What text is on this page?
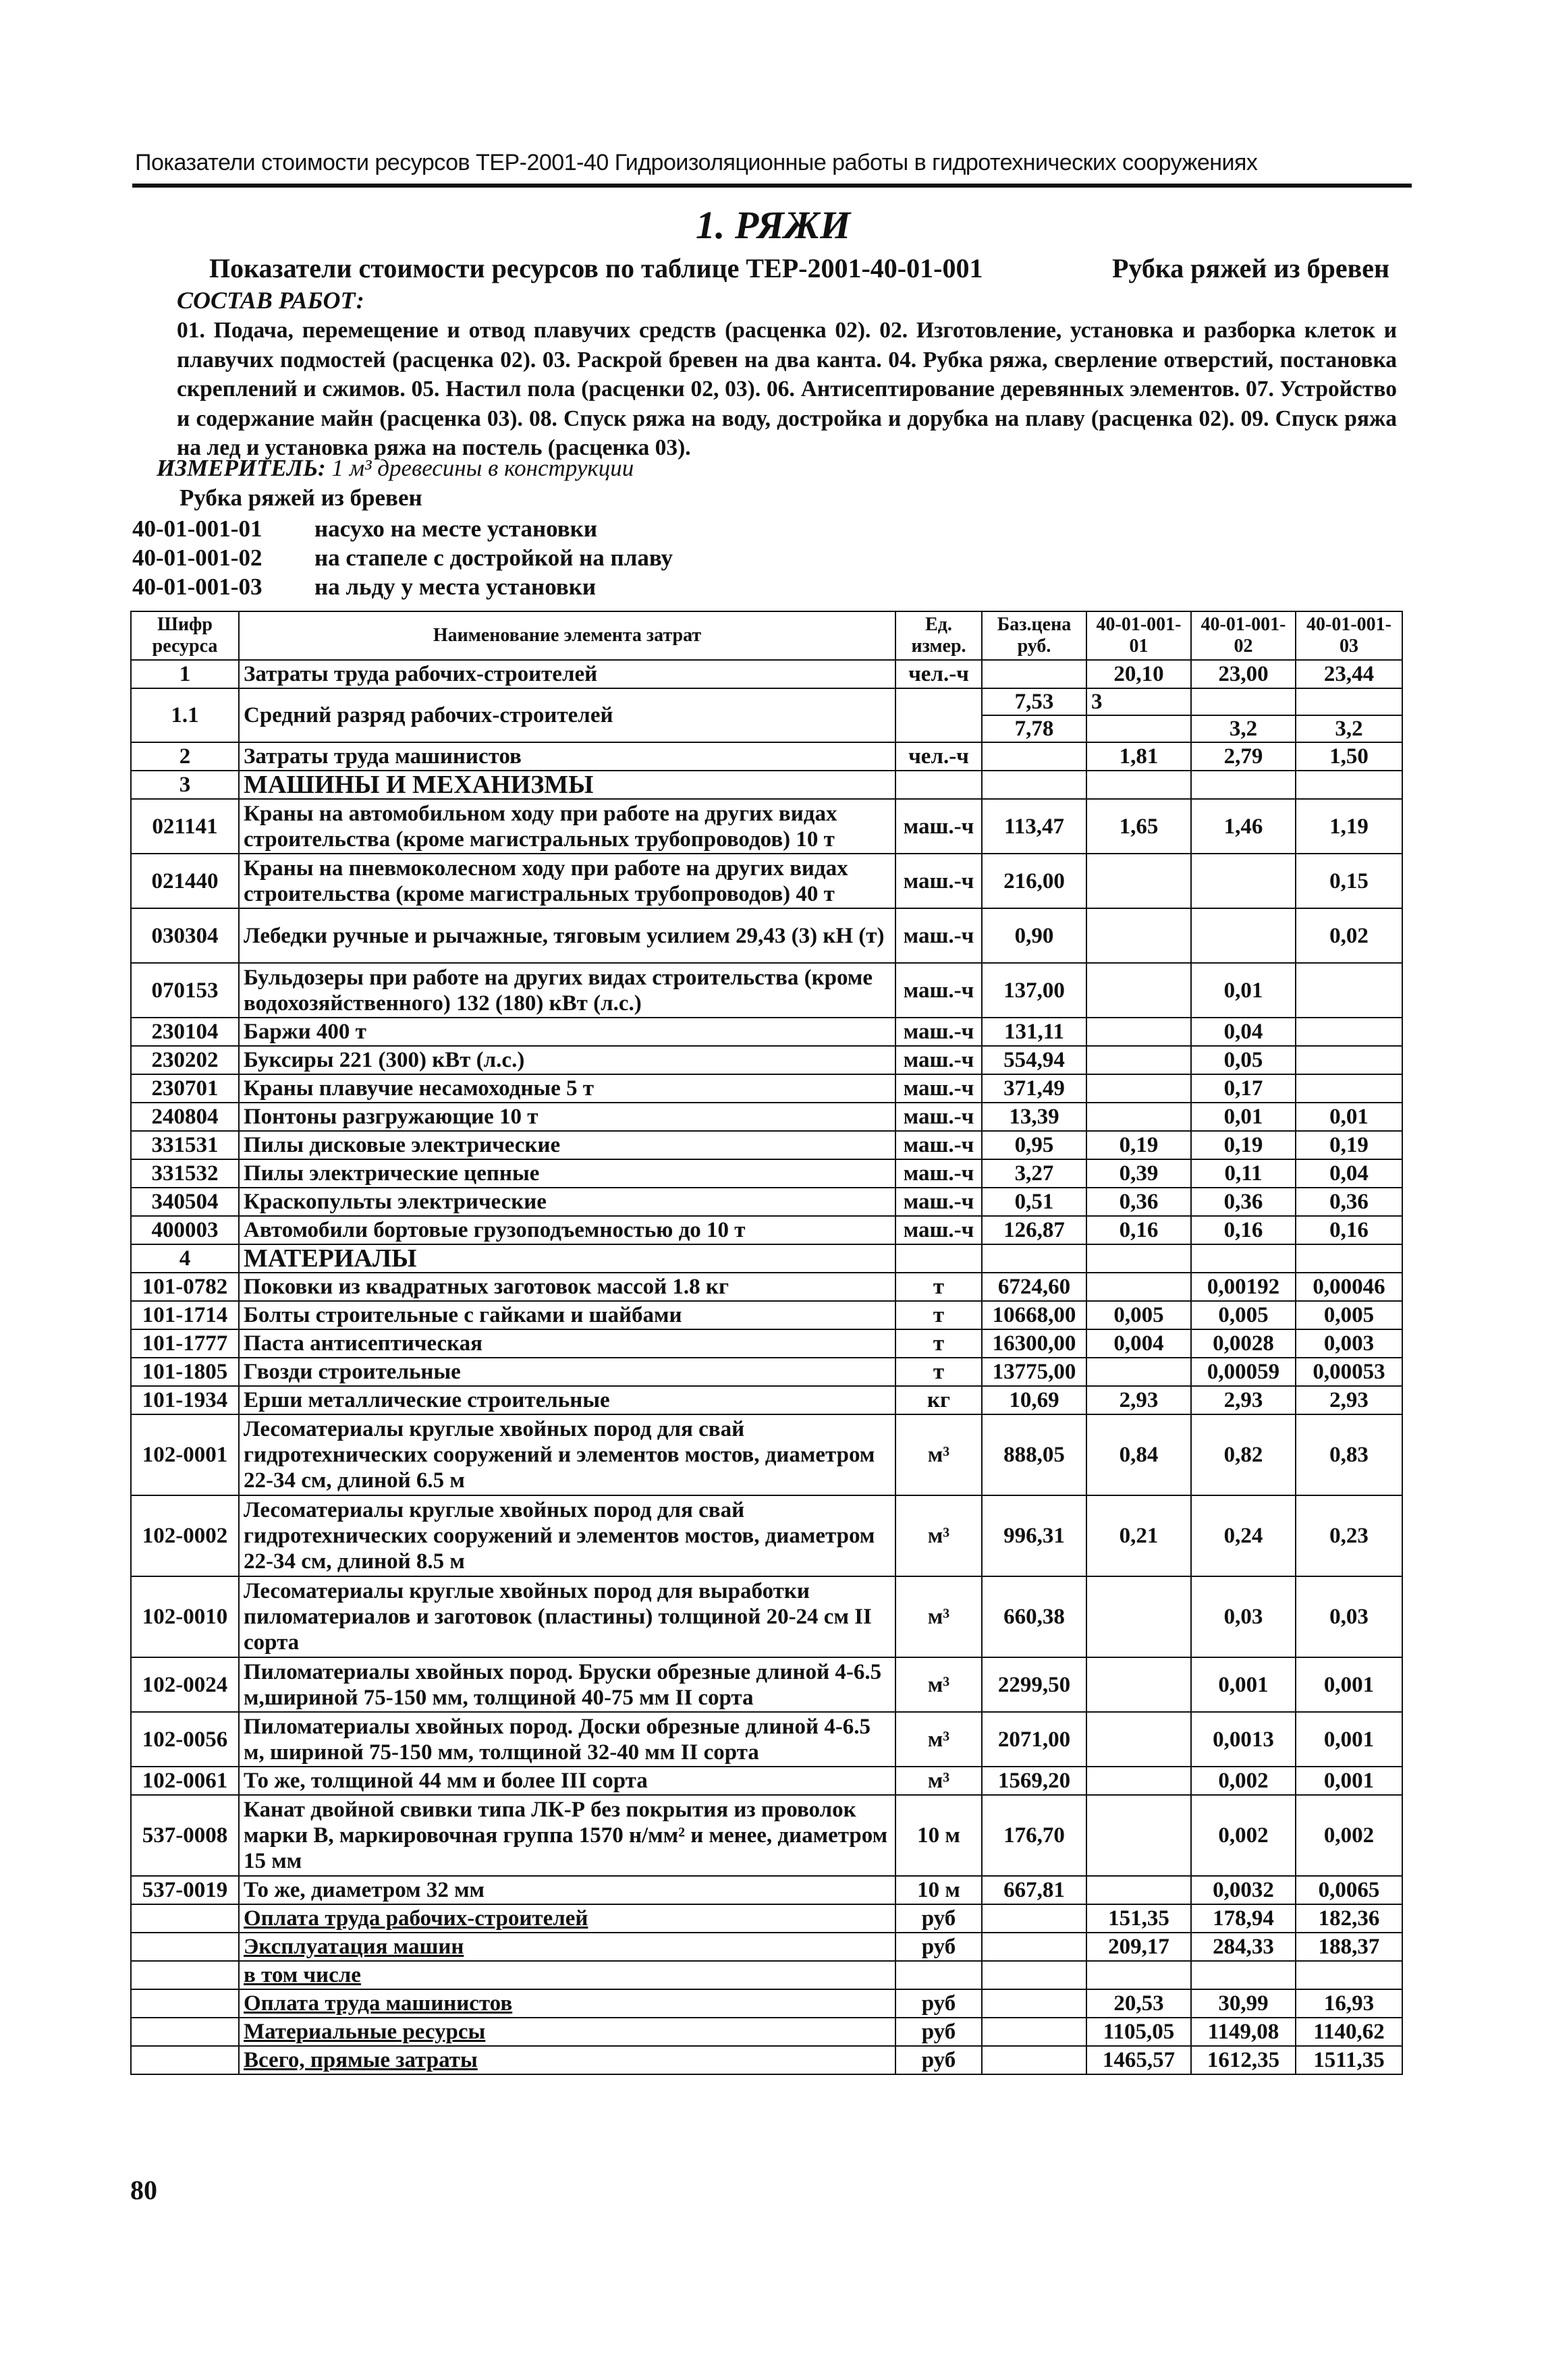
Показатели стоимости ресурсов ТЕР-2001-40 Гидроизоляционные работы в гидротехнических сооружениях
1. РЯЖИ
Показатели стоимости ресурсов по таблице ТЕР-2001-40-01-001	Рубка ряжей из бревен
СОСТАВ РАБОТ:
01. Подача, перемещение и отвод плавучих средств (расценка 02). 02. Изготовление, установка и разборка клеток и плавучих подмостей (расценка 02). 03. Раскрой бревен на два канта. 04. Рубка ряжа, сверление отверстий, постановка скреплений и сжимов. 05. Настил пола (расценки 02, 03). 06. Антисептирование деревянных элементов. 07. Устройство и содержание майн (расценка 03). 08. Спуск ряжа на воду, достройка и дорубка на плаву (расценка 02). 09. Спуск ряжа на лед и установка ряжа на постель (расценка 03).
ИЗМЕРИТЕЛЬ: 1 м³ древесины в конструкции
Рубка ряжей из бревен
40-01-001-01	насухо на месте установки
40-01-001-02	на стапеле с достройкой на плаву
40-01-001-03	на льду у места установки
Шифр ресурса	Наименование элемента затрат	Ед. измер.	Баз.цена руб.	40-01-001-01	40-01-001-02	40-01-001-03
1	Затраты труда рабочих-строителей	чел.-ч		20,10	23,00	23,44
1.1	Средний разряд рабочих-строителей		7,53	3		
			7,78		3,2	3,2
2	Затраты труда машинистов	чел.-ч		1,81	2,79	1,50
3	МАШИНЫ И МЕХАНИЗМЫ					
021141	Краны на автомобильном ходу при работе на других видах строительства (кроме магистральных трубопроводов) 10 т	маш.-ч	113,47	1,65	1,46	1,19
021440	Краны на пневмоколесном ходу при работе на других видах строительства (кроме магистральных трубопроводов) 40 т	маш.-ч	216,00			0,15
030304	Лебедки ручные и рычажные, тяговым усилием 29,43 (3) кН (т)	маш.-ч	0,90			0,02
070153	Бульдозеры при работе на других видах строительства (кроме водохозяйственного) 132 (180) кВт (л.с.)	маш.-ч	137,00		0,01	
230104	Баржи 400 т	маш.-ч	131,11		0,04	
230202	Буксиры 221 (300) кВт (л.с.)	маш.-ч	554,94		0,05	
230701	Краны плавучие несамоходные 5 т	маш.-ч	371,49		0,17	
240804	Понтоны разгружающие 10 т	маш.-ч	13,39		0,01	0,01
331531	Пилы дисковые электрические	маш.-ч	0,95	0,19	0,19	0,19
331532	Пилы электрические цепные	маш.-ч	3,27	0,39	0,11	0,04
340504	Краскопульты электрические	маш.-ч	0,51	0,36	0,36	0,36
400003	Автомобили бортовые грузоподъемностью до 10 т	маш.-ч	126,87	0,16	0,16	0,16
4	МАТЕРИАЛЫ					
101-0782	Поковки из квадратных заготовок массой 1.8 кг	т	6724,60		0,00192	0,00046
101-1714	Болты строительные с гайками и шайбами	т	10668,00	0,005	0,005	0,005
101-1777	Паста антисептическая	т	16300,00	0,004	0,0028	0,003
101-1805	Гвозди строительные	т	13775,00		0,00059	0,00053
101-1934	Ерши металлические строительные	кг	10,69	2,93	2,93	2,93
102-0001	Лесоматериалы круглые хвойных пород для свай гидротехнических сооружений и элементов мостов, диаметром 22-34 см, длиной 6.5 м	м³	888,05	0,84	0,82	0,83
102-0002	Лесоматериалы круглые хвойных пород для свай гидротехнических сооружений и элементов мостов, диаметром 22-34 см, длиной 8.5 м	м³	996,31	0,21	0,24	0,23
102-0010	Лесоматериалы круглые хвойных пород для выработки пиломатериалов и заготовок (пластины) толщиной 20-24 см II сорта	м³	660,38		0,03	0,03
102-0024	Пиломатериалы хвойных пород. Бруски обрезные длиной 4-6.5 м,шириной 75-150 мм, толщиной 40-75 мм II сорта	м³	2299,50		0,001	0,001
102-0056	Пиломатериалы хвойных пород. Доски обрезные длиной 4-6.5 м, шириной 75-150 мм, толщиной 32-40 мм II сорта	м³	2071,00		0,0013	0,001
102-0061	То же, толщиной 44 мм и более III сорта	м³	1569,20		0,002	0,001
537-0008	Канат двойной свивки типа ЛК-Р без покрытия из проволок марки В, маркировочная группа 1570 н/мм² и менее, диаметром 15 мм	10 м	176,70		0,002	0,002
537-0019	То же, диаметром 32 мм	10 м	667,81		0,0032	0,0065
	Оплата труда рабочих-строителей	руб		151,35	178,94	182,36
	Эксплуатация машин	руб		209,17	284,33	188,37
	в том числе					
	Оплата труда машинистов	руб		20,53	30,99	16,93
	Материальные ресурсы	руб		1105,05	1149,08	1140,62
	Всего, прямые затраты	руб		1465,57	1612,35	1511,35
80
